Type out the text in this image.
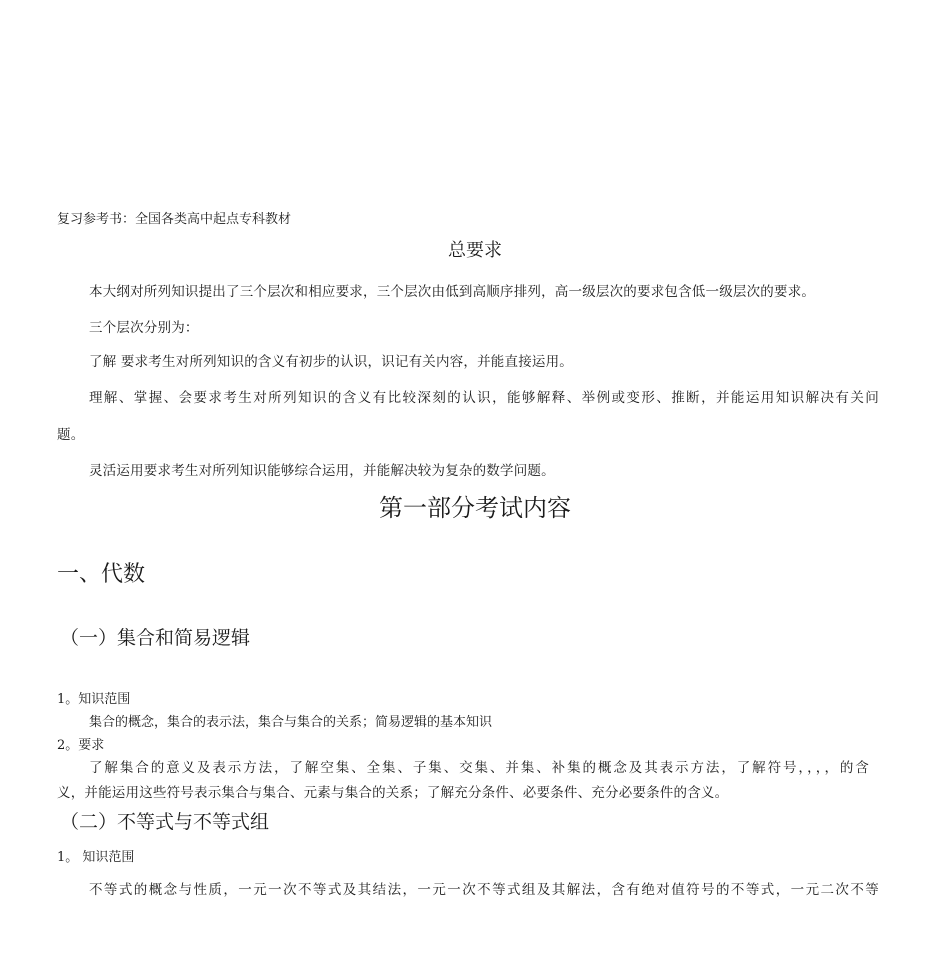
复习参考书：全国各类高中起点专科教材
总要求
本大纲对所列知识提出了三个层次和相应要求，三个层次由低到高顺序排列，高一级层次的要求包含低一级层次的要求。
三个层次分别为：
了解 要求考生对所列知识的含义有初步的认识，识记有关内容，并能直接运用。
理解、掌握、会要求考生对所列知识的含义有比较深刻的认识，能够解释、举例或变形、推断，并能运用知识解决有关问
题。
灵活运用要求考生对所列知识能够综合运用，并能解决较为复杂的数学问题。
第一部分考试内容
一、代数
（一）集合和简易逻辑
1。知识范围
集合的概念，集合的表示法，集合与集合的关系；简易逻辑的基本知识
2。要求
了解集合的意义及表示方法，了解空集、全集、子集、交集、并集、补集的概念及其表示方法，了解符号，，，，的含
义，并能运用这些符号表示集合与集合、元素与集合的关系；了解充分条件、必要条件、充分必要条件的含义。
（二）不等式与不等式组
1。 知识范围
不等式的概念与性质，一元一次不等式及其结法，一元一次不等式组及其解法，含有绝对值符号的不等式，一元二次不等
